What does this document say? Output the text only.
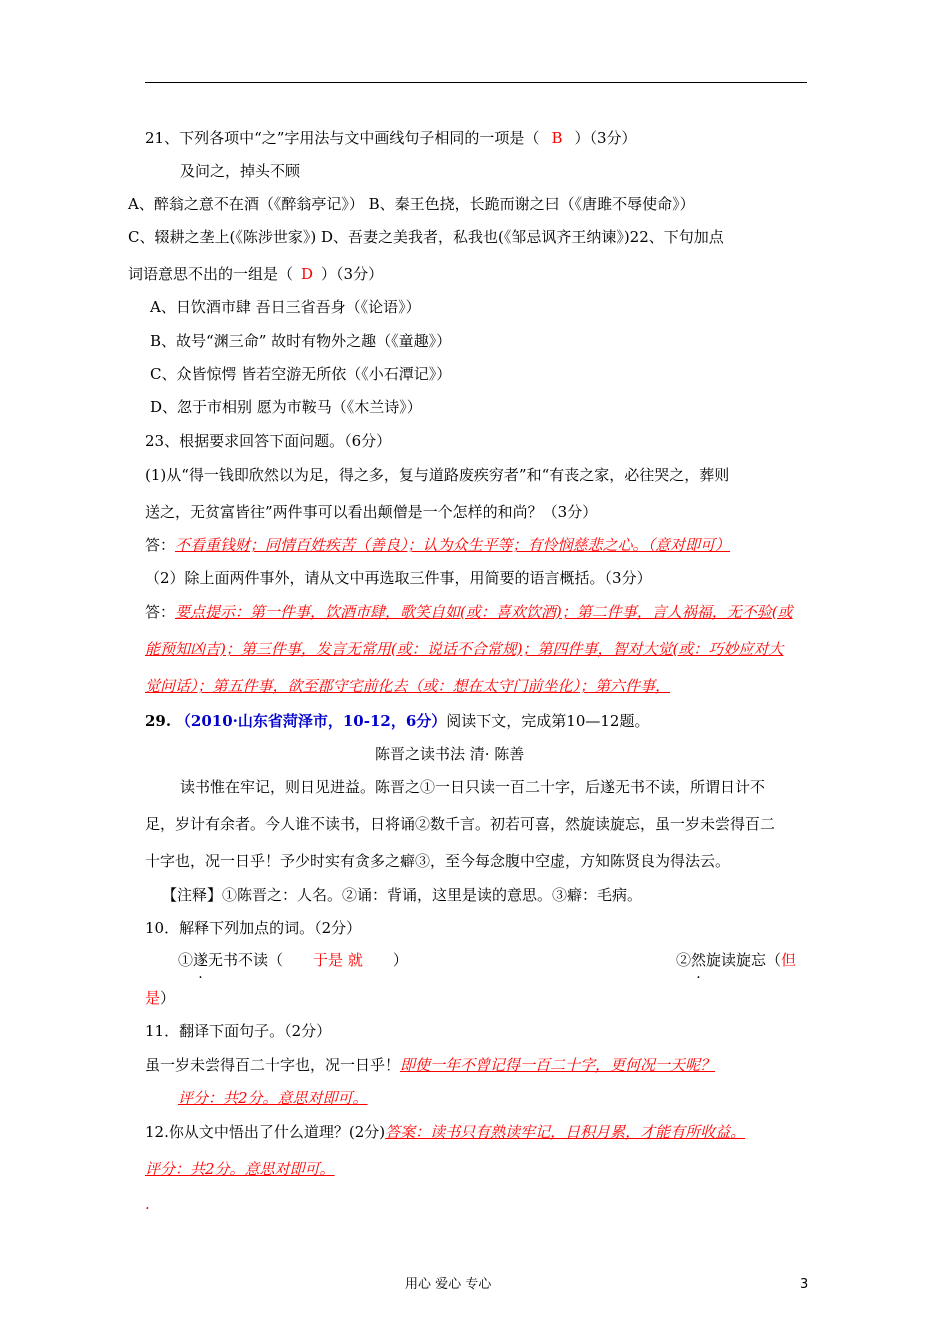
21、下列各项中“之”字用法与文中画线句子相同的一项是（ B ）（3分）
及问之，掉头不顾
A、醉翁之意不在酒（《醉翁亭记》） B、秦王色挠，长跪而谢之曰（《唐雎不辱使命》）
C、辍耕之垄上(《陈涉世家》) D、吾妻之美我者，私我也(《邹忌讽齐王纳谏》)22、下句加点
词语意思不出的一组是（ D ）（3分）
A、日饮酒市肆 吾日三省吾身（《论语》）
B、故号“渊三命” 故时有物外之趣（《童趣》）
C、众皆惊愕 皆若空游无所依（《小石潭记》）
D、忽于市相别 愿为市鞍马（《木兰诗》）
23、根据要求回答下面问题。（6分）
(1)从“得一钱即欣然以为足，得之多，复与道路废疾穷者”和“有丧之家，必往哭之，葬则
送之，无贫富皆往”两件事可以看出颠僧是一个怎样的和尚？（3分）
答：不看重钱财；同情百姓疾苦（善良）；认为众生平等；有怜悯慈悲之心。（意对即可）
（2）除上面两件事外，请从文中再选取三件事，用简要的语言概括。（3分）
答：要点提示：第一件事，饮酒市肆，歌笑自如(或：喜欢饮酒)；第二件事，言人祸福，无不验(或
能预知凶吉)；第三件事，发言无常用(或：说话不合常规)；第四件事，智对大觉(或：巧妙应对大
觉问话）；第五件事，欲至郡守宅前化去（或：想在太守门前坐化）；第六件事，
29. （2010·山东省菏泽市，10-12，6分）阅读下文，完成第10—12题。
陈晋之读书法 清· 陈善
读书惟在牢记，则日见进益。陈晋之①一日只读一百二十字，后遂无书不读，所谓日计不
足，岁计有余者。今人谁不读书，日将诵②数千言。初若可喜，然旋读旋忘，虽一岁未尝得百二
十字也，况一日乎！予少时实有贪多之癖③，至今每念腹中空虚，方知陈贤良为得法云。
【注释】①陈晋之：人名。②诵：背诵，这里是读的意思。③癖：毛病。
10．解释下列加点的词。（2分）
①遂无书不读（ 于是 就 ）	②然旋读旋忘（但
是）
11．翻译下面句子。（2分）
虽一岁未尝得百二十字也，况一日乎！即使一年不曾记得一百二十字，更何况一天呢？
评分：共2分。意思对即可。
12.你从文中悟出了什么道理？(2分)答案：读书只有熟读牢记，日积月累，才能有所收益。
评分：共2分。意思对即可。
.
用心 爱心 专心	3
